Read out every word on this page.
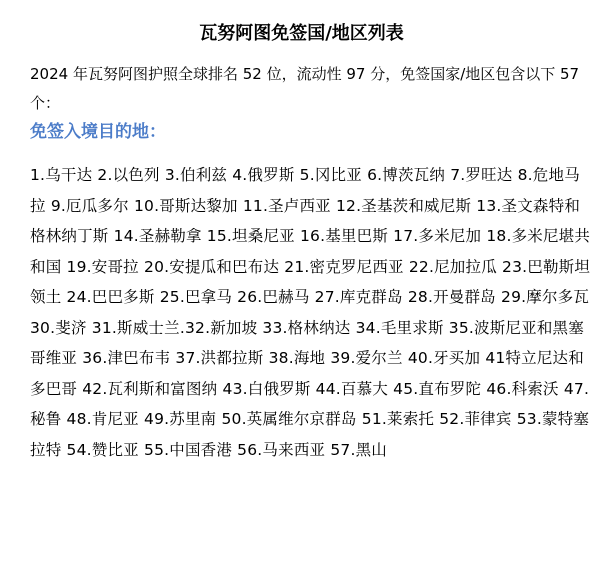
瓦努阿图免签国/地区列表

2024 年瓦努阿图护照全球排名 52 位，流动性 97 分，免签国家/地区包含以下 57 个：

免签入境目的地：

1.乌干达 2.以色列 3.伯利兹 4.俄罗斯 5.冈比亚 6.博茨瓦纳 7.罗旺达 8.危地马拉 9.厄瓜多尔 10.哥斯达黎加 11.圣卢西亚 12.圣基茨和威尼斯 13.圣文森特和格林纳丁斯 14.圣赫勒拿 15.坦桑尼亚 16.基里巴斯 17.多米尼加 18.多米尼堪共和国 19.安哥拉 20.安提瓜和巴布达 21.密克罗尼西亚 22.尼加拉瓜 23.巴勒斯坦领土 24.巴巴多斯 25.巴拿马 26.巴赫马 27.库克群岛 28.开曼群岛 29.摩尔多瓦 30.斐济 31.斯威士兰.32.新加坡 33.格林纳达 34.毛里求斯 35.波斯尼亚和黑塞哥维亚 36.津巴布韦 37.洪都拉斯 38.海地 39.爱尔兰 40.牙买加 41特立尼达和多巴哥 42.瓦利斯和富图纳 43.白俄罗斯 44.百慕大 45.直布罗陀 46.科索沃 47.秘鲁 48.肯尼亚 49.苏里南 50.英属维尔京群岛 51.莱索托 52.菲律宾 53.蒙特塞拉特 54.赞比亚 55.中国香港 56.马来西亚 57.黑山
